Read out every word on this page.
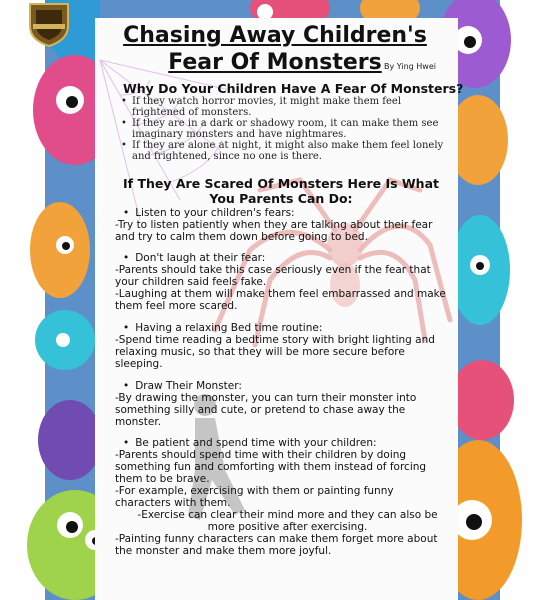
Chasing Away Children's
Fear Of Monsters By Ying Hwei
Why Do Your Children Have A Fear Of Monsters?
• If they watch horror movies, it might make them feel frightened of monsters.
• If they are in a dark or shadowy room, it can make them see imaginary monsters and have nightmares.
• If they are alone at night, it might also make them feel lonely and frightened, since no one is there.
If They Are Scared Of Monsters Here Is What You Parents Can Do:

• Listen to your children's fears:

-Try to listen patiently when they are talking about their fear and try to calm them down before going to bed.

• Don't laugh at their fear:

-Parents should take this case seriously even if the fear that your children said feels fake.

-Laughing at them will make them feel embarrassed and make them feel more scared.

• Having a relaxing Bed time routine:

-Spend time reading a bedtime story with bright lighting and relaxing music, so that they will be more secure before sleeping.

• Draw Their Monster:

-By drawing the monster, you can turn their monster into something silly and cute, or pretend to chase away the monster.

• Be patient and spend time with your children:

-Parents should spend time with their children by doing something fun and comforting with them instead of forcing them to be brave.

-For example, exercising with them or painting funny characters with them.

-Exercise can clear their mind more and they can also be more positive after exercising.

-Painting funny characters can make them forget more about the monster and make them more joyful.
